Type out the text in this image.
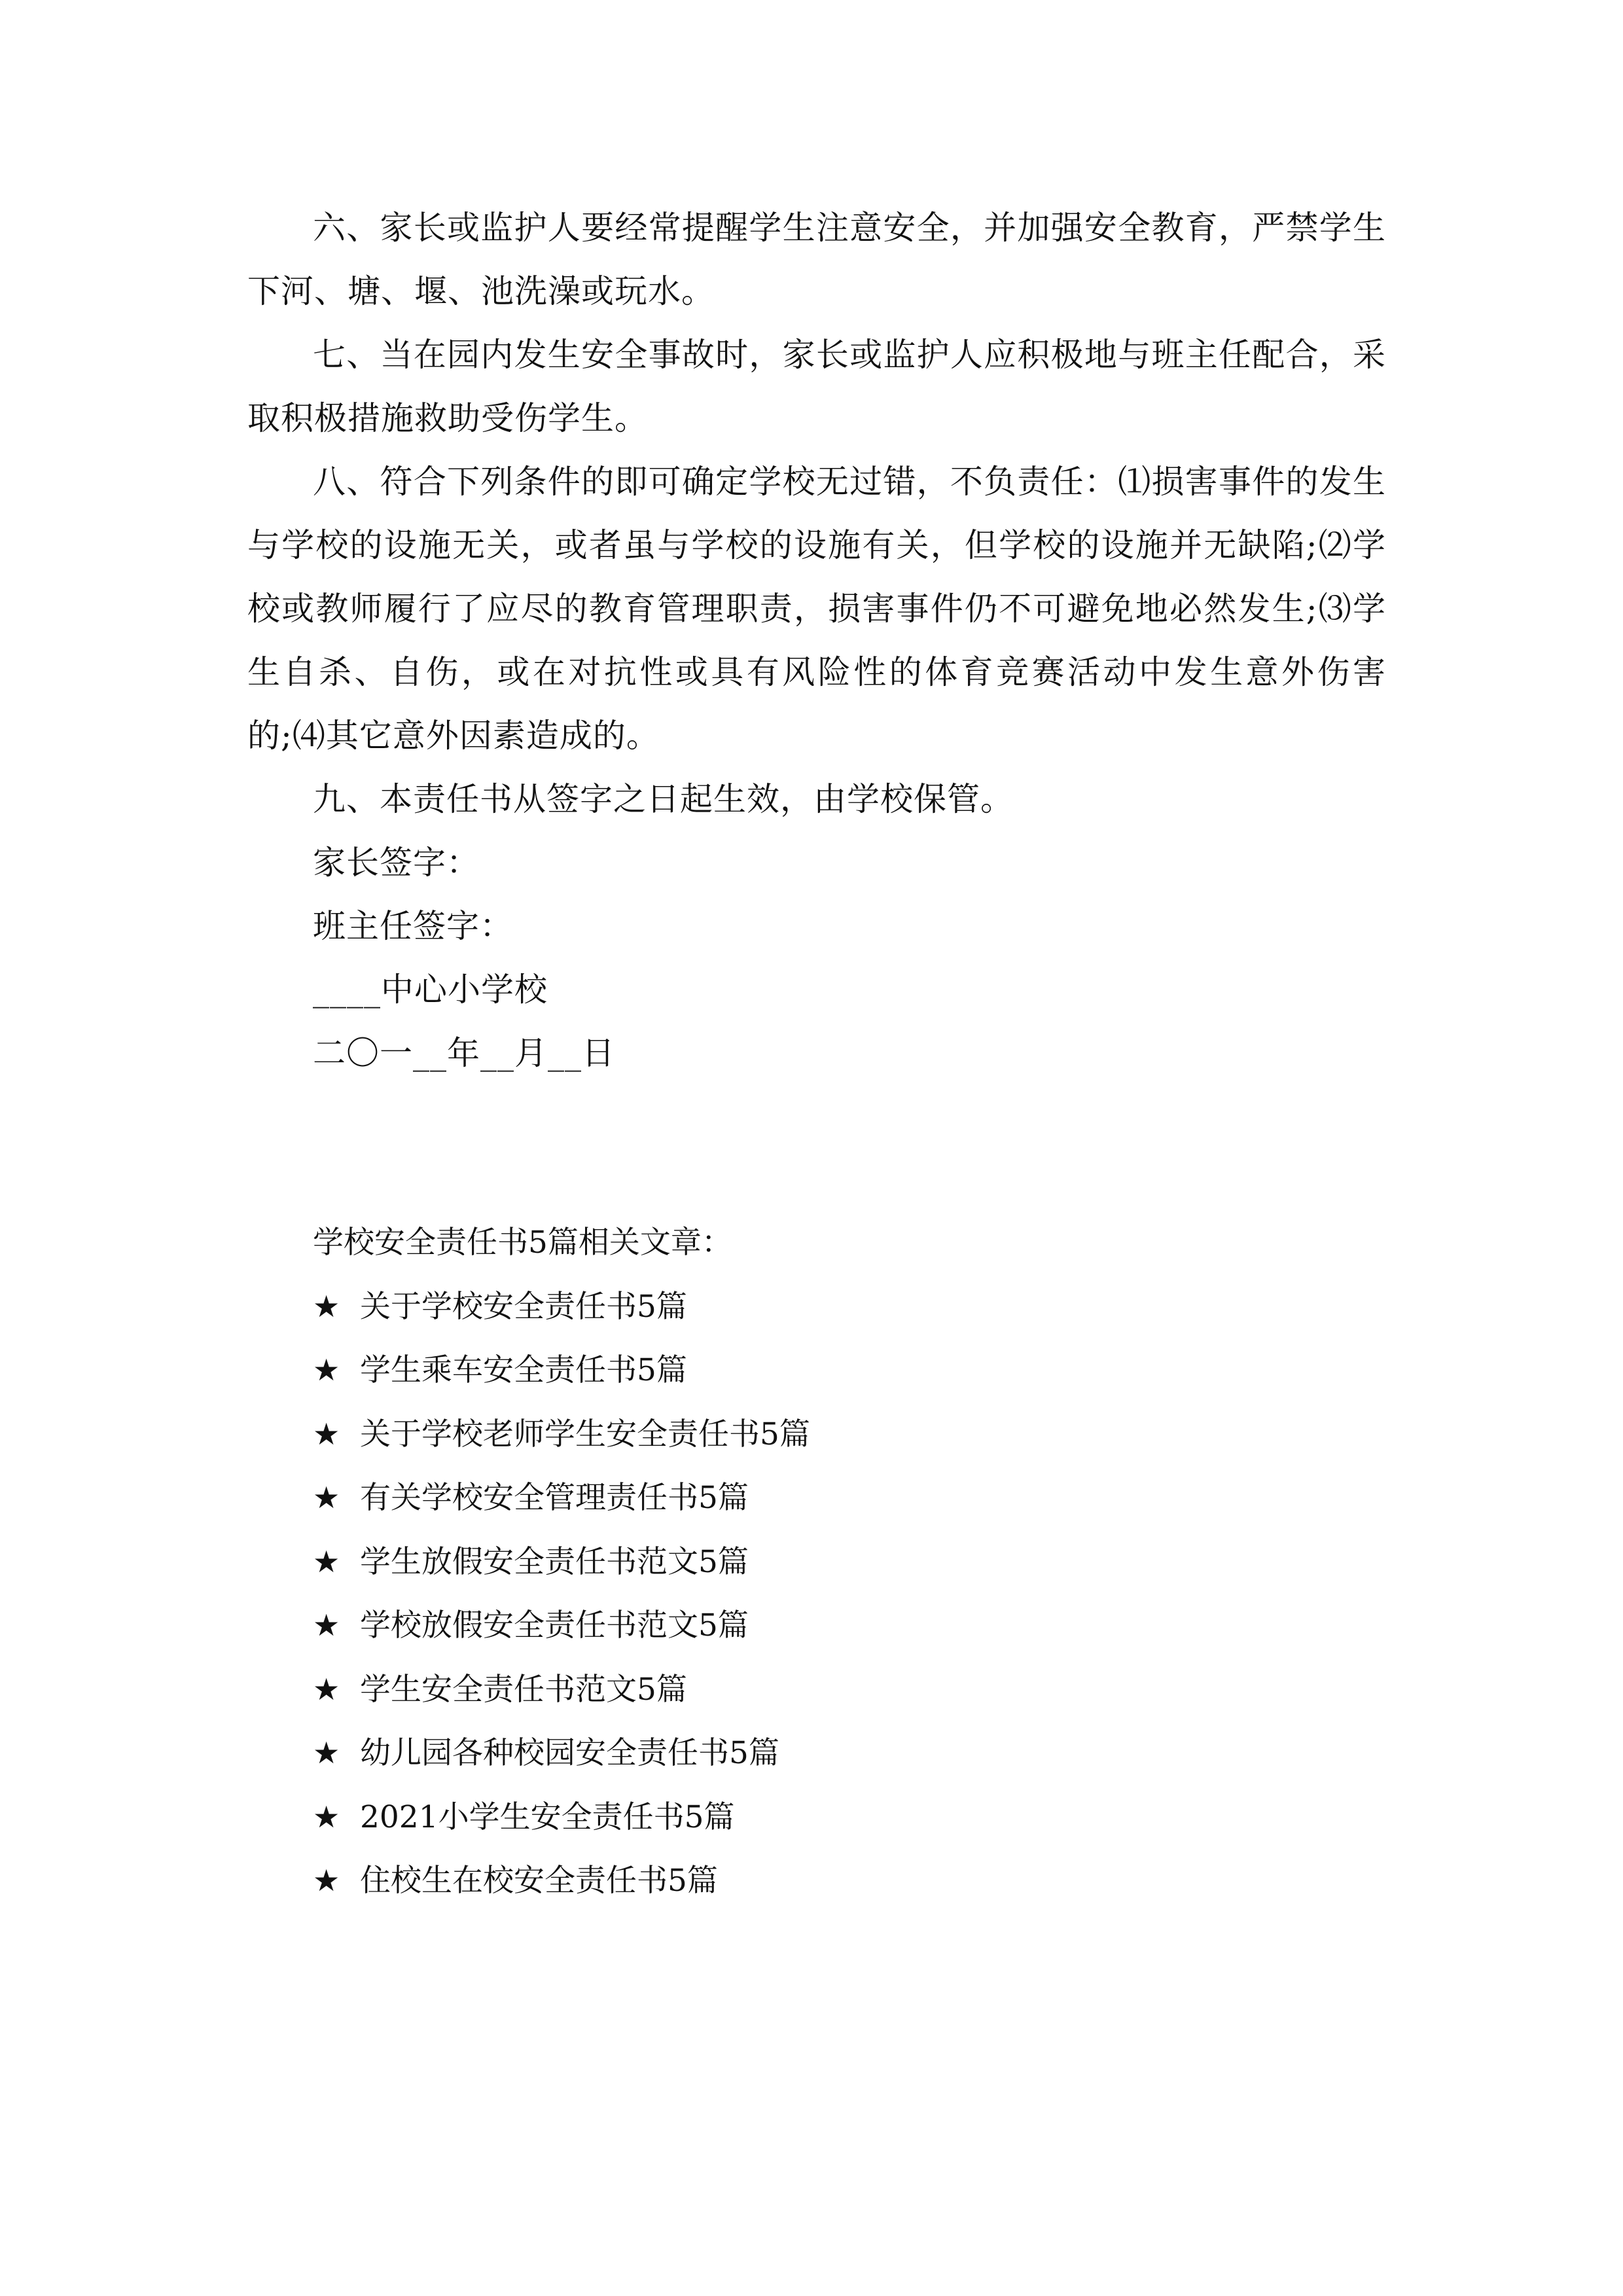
六、家长或监护人要经常提醒学生注意安全，并加强安全教育，严禁学生下河、塘、堰、池洗澡或玩水。

七、当在园内发生安全事故时，家长或监护人应积极地与班主任配合，采取积极措施救助受伤学生。

八、符合下列条件的即可确定学校无过错，不负责任：⑴损害事件的发生与学校的设施无关，或者虽与学校的设施有关，但学校的设施并无缺陷;⑵学校或教师履行了应尽的教育管理职责，损害事件仍不可避免地必然发生;⑶学生自杀、自伤，或在对抗性或具有风险性的体育竞赛活动中发生意外伤害的;⑷其它意外因素造成的。

九、本责任书从签字之日起生效，由学校保管。

家长签字：

班主任签字：

____中心小学校

二〇一__年__月__日

学校安全责任书5篇相关文章：

★ 关于学校安全责任书5篇
★ 学生乘车安全责任书5篇
★ 关于学校老师学生安全责任书5篇
★ 有关学校安全管理责任书5篇
★ 学生放假安全责任书范文5篇
★ 学校放假安全责任书范文5篇
★ 学生安全责任书范文5篇
★ 幼儿园各种校园安全责任书5篇
★ 2021小学生安全责任书5篇
★ 住校生在校安全责任书5篇
